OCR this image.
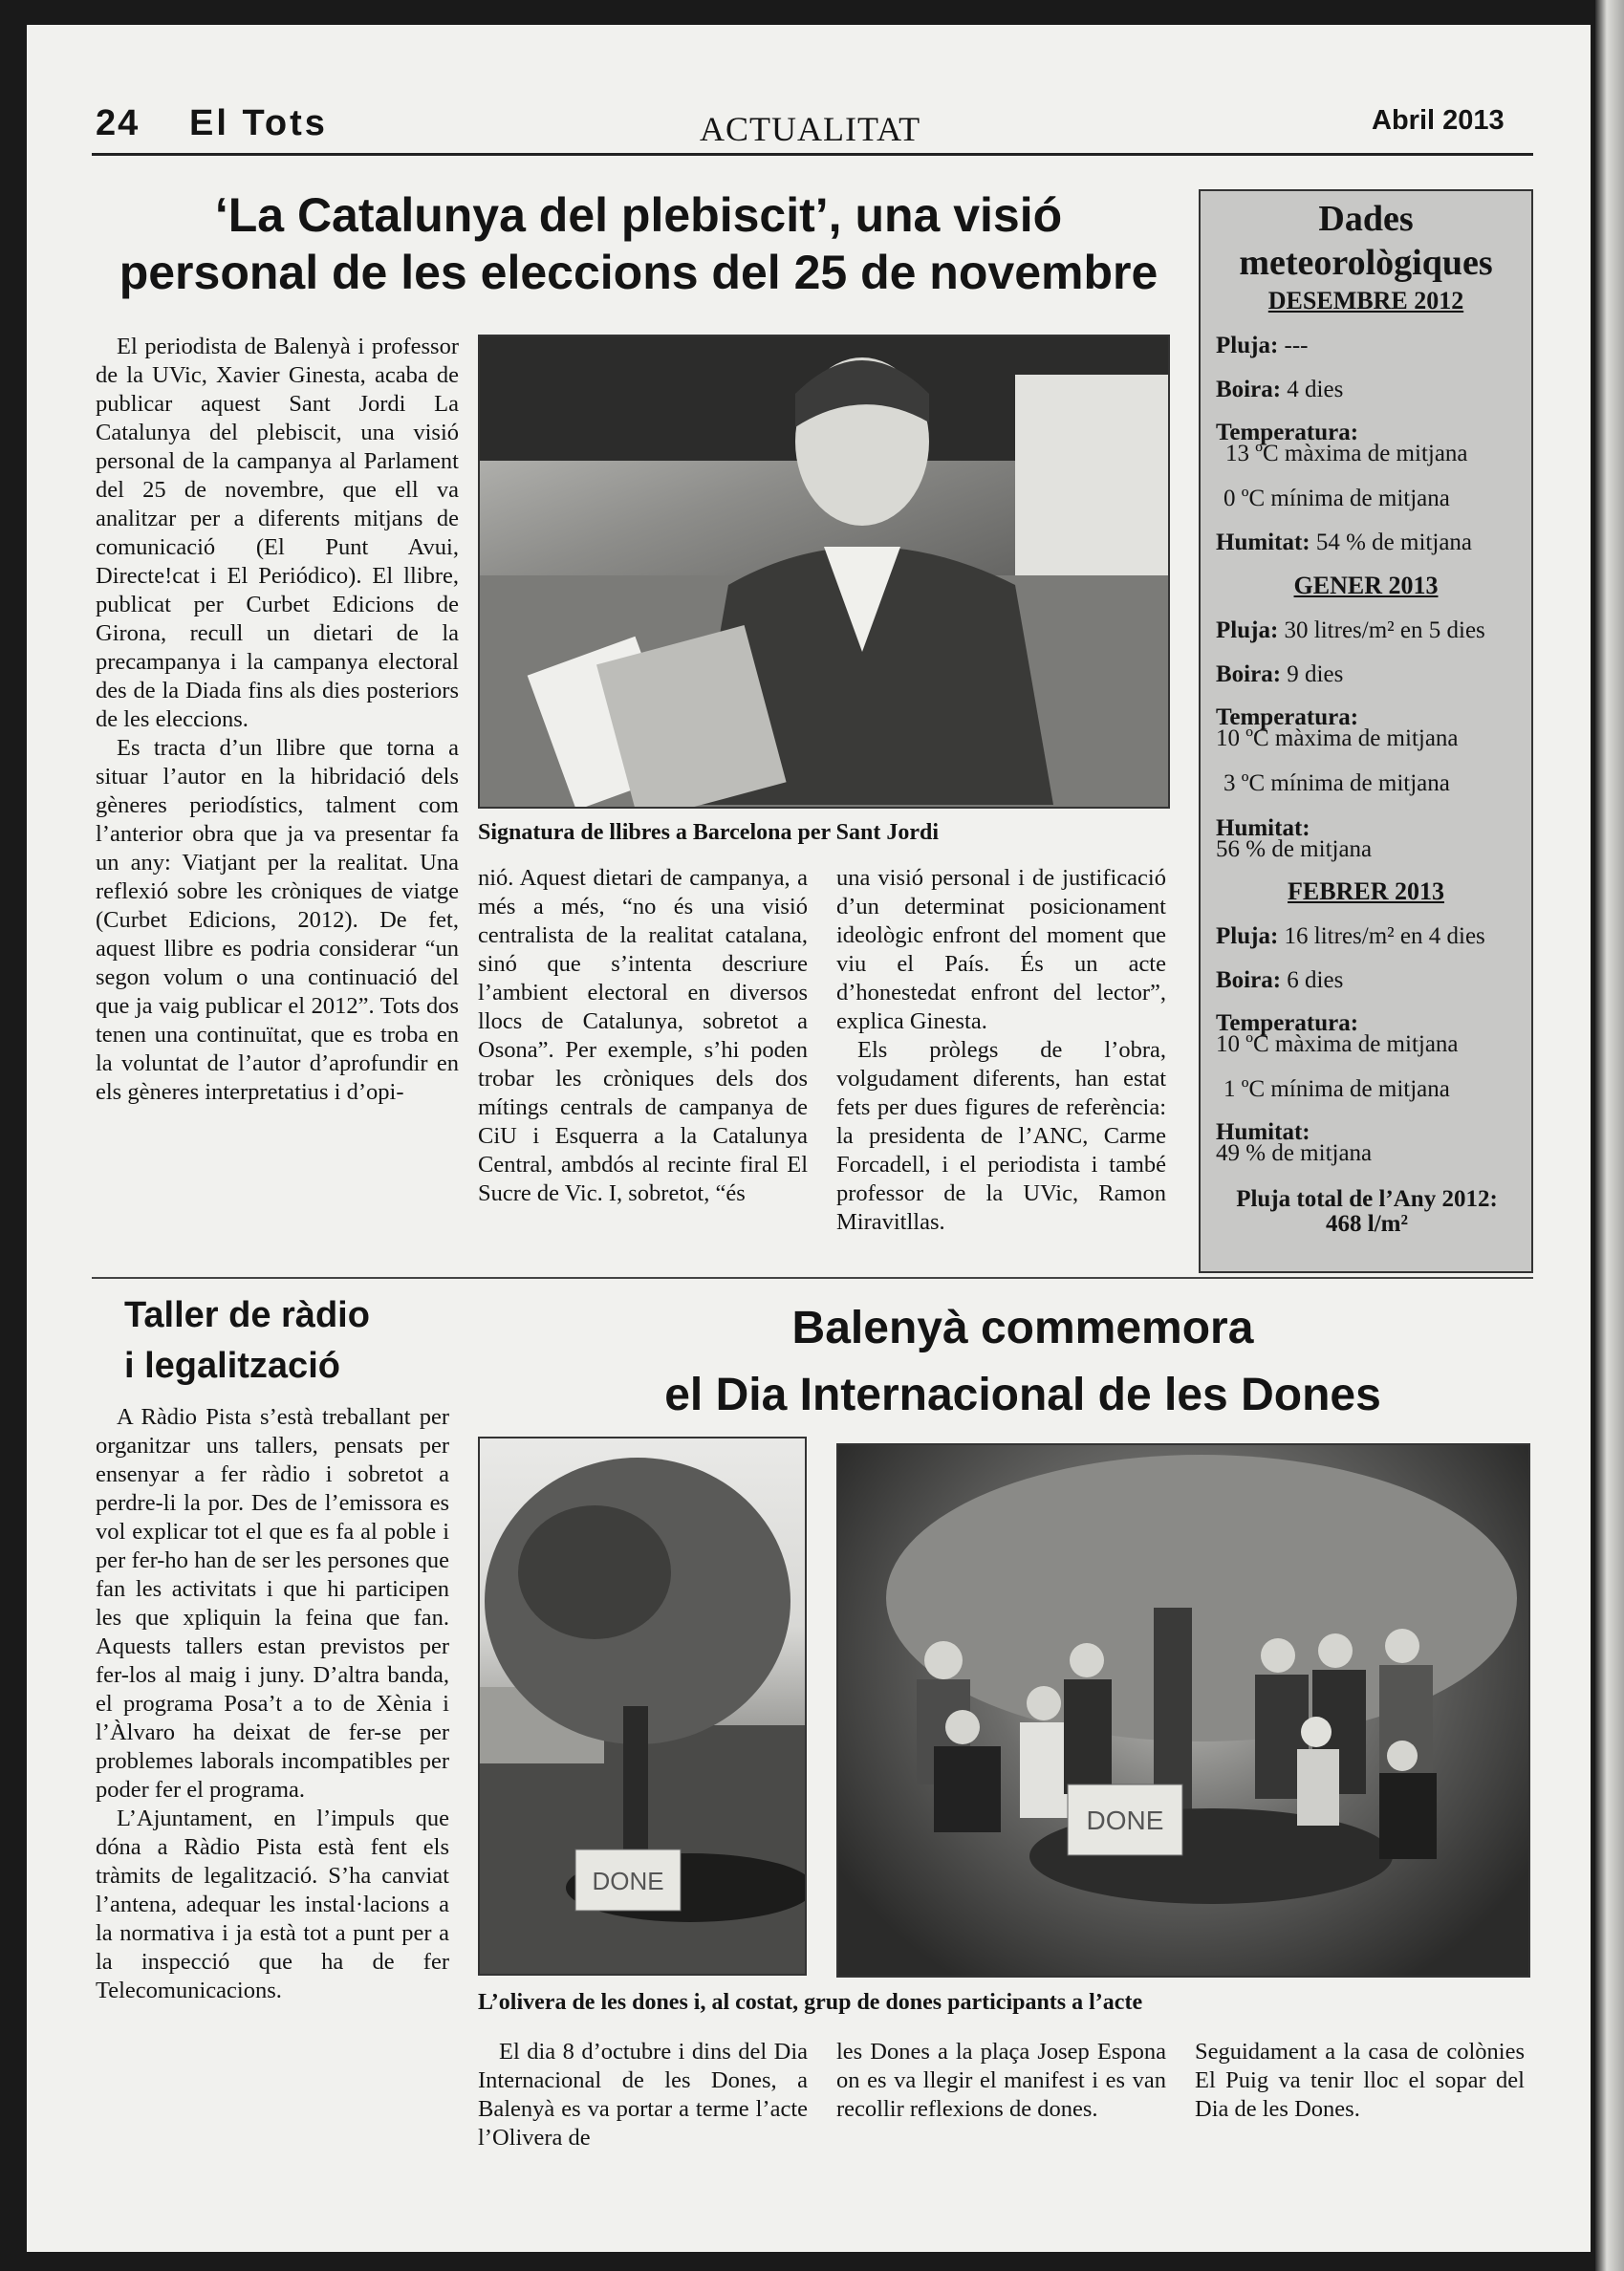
24 El Tots	ACTUALITAT	Abril 2013
‘La Catalunya del plebiscit’, una visió personal de les eleccions del 25 de novembre

El periodista de Balenyà i professor de la UVic, Xavier Ginesta, acaba de publicar aquest Sant Jordi La Catalunya del plebiscit, una visió personal de la campanya al Parlament del 25 de novembre, que ell va analitzar per a diferents mitjans de comunicació (El Punt Avui, Directe!cat i El Periódico). El llibre, publicat per Curbet Edicions de Girona, recull un dietari de la precampanya i la campanya electoral des de la Diada fins als dies posteriors de les eleccions.

Es tracta d’un llibre que torna a situar l’autor en la hibridació dels gèneres periodístics, talment com l’anterior obra que ja va presentar fa un any: Viatjant per la realitat. Una reflexió sobre les cròniques de viatge (Curbet Edicions, 2012). De fet, aquest llibre es podria considerar “un segon volum o una continuació del que ja vaig publicar el 2012”. Tots dos tenen una continuïtat, que es troba en la voluntat de l’autor d’aprofundir en els gèneres interpretatius i d’opi-

Signatura de llibres a Barcelona per Sant Jordi

nió. Aquest dietari de campanya, a més a més, “no és una visió centralista de la realitat catalana, sinó que s’intenta descriure l’ambient electoral en diversos llocs de Catalunya, sobretot a Osona”. Per exemple, s’hi poden trobar les cròniques dels dos mítings centrals de campanya de CiU i Esquerra a la Catalunya Central, ambdós al recinte firal El Sucre de Vic. I, sobretot, “és

una visió personal i de justificació d’un determinat posicionament ideològic enfront del moment que viu el País. És un acte d’honestedat enfront del lector”, explica Ginesta.

Els pròlegs de l’obra, volgudament diferents, han estat fets per dues figures de referència: la presidenta de l’ANC, Carme Forcadell, i el periodista i també professor de la UVic, Ramon Miravitllas.

Dades
meteorològiques
DESEMBRE 2012
Pluja: ---
Boira: 4 dies
Temperatura:
13 ºC màxima de mitjana
0 ºC mínima de mitjana
Humitat: 54 % de mitjana
GENER 2013
Pluja: 30 litres/m² en 5 dies
Boira: 9 dies
Temperatura:
10 ºC màxima de mitjana
3 ºC mínima de mitjana
Humitat:
56 % de mitjana
FEBRER 2013
Pluja: 16 litres/m² en 4 dies
Boira: 6 dies
Temperatura:
10 ºC màxima de mitjana
1 ºC mínima de mitjana
Humitat:
49 % de mitjana
Pluja total de l’Any 2012:
468 l/m²
Taller de ràdio
i legalització

A Ràdio Pista s’està treballant per organitzar uns tallers, pensats per ensenyar a fer ràdio i sobretot a perdre-li la por. Des de l’emissora es vol explicar tot el que es fa al poble i per fer-ho han de ser les persones que fan les activitats i que hi participen les que xpliquin la feina que fan. Aquests tallers estan previstos per fer-los al maig i juny. D’altra banda, el programa Posa’t a to de Xènia i l’Àlvaro ha deixat de fer-se per problemes laborals incompatibles per poder fer el programa.

L’Ajuntament, en l’impuls que dóna a Ràdio Pista està fent els tràmits de legalització. S’ha canviat l’antena, adequar les instal·lacions a la normativa i ja està tot a punt per a la inspecció que ha de fer Telecomunicacions.

Balenyà commemora
el Dia Internacional de les Dones
DONE
DONE
L’olivera de les dones i, al costat, grup de dones participants a l’acte

El dia 8 d’octubre i dins del Dia Internacional de les Dones, a Balenyà es va portar a terme l’acte l’Olivera de

les Dones a la plaça Josep Espona on es va llegir el manifest i es van recollir reflexions de dones.

Seguidament a la casa de colònies El Puig va tenir lloc el sopar del Dia de les Dones.
